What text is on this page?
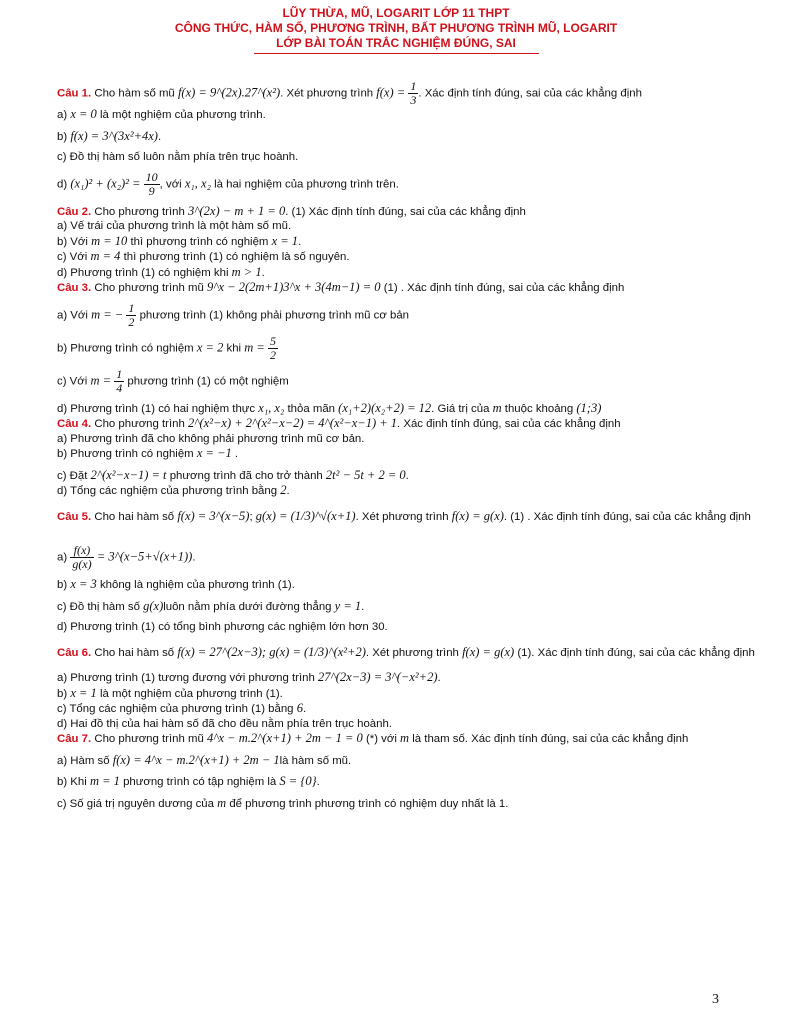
LŨY THỪA, MŨ, LOGARIT LỚP 11 THPT
CÔNG THỨC, HÀM SỐ, PHƯƠNG TRÌNH, BẤT PHƯƠNG TRÌNH MŨ, LOGARIT
LỚP BÀI TOÁN TRẮC NGHIỆM ĐÚNG, SAI

Câu 1. Cho hàm số mũ f(x) = 9^(2x).27^(x²). Xét phương trình $f(x) = \frac{1}{3}$ . Xác định tính đúng, sai của các khẳng định

a) x = 0 là một nghiệm của phương trình.

b) f(x) = 3^(3x²+4x).

c) Đồ thị hàm số luôn nằm phía trên trục hoành.

d) $(x_1)^2 + (x_2)^2 = \frac{10}{9}$ , với x₁, x₂ là hai nghiệm của phương trình trên.

Câu 2. Cho phương trình 3^(2x) − m + 1 = 0. (1) Xác định tính đúng, sai của các khẳng định

a) Vế trái của phương trình là một hàm số mũ.

b) Với m = 10 thì phương trình có nghiệm x = 1.

c) Với m = 4 thì phương trình (1) có nghiệm là số nguyên.

d) Phương trình (1) có nghiệm khi m > 1.

Câu 3. Cho phương trình mũ 9^x − 2(2m+1)3^x + 3(4m−1) = 0 (1) . Xác định tính đúng, sai của các khẳng định

a) Với m = − $\frac{1}{2}$ phương trình (1) không phải phương trình mũ cơ bản

b) Phương trình có nghiệm x = 2 khi $m = \frac{5}{2}$

c) Với $m = \frac{1}{4}$ phương trình (1) có một nghiệm

d) Phương trình (1) có hai nghiệm thực x₁, x₂ thỏa mãn (x₁+2)(x₂+2) = 12. Giá trị của m thuộc khoảng (1;3)

Câu 4. Cho phương trình 2^(x²−x) + 2^(x²−x−2) = 4^(x²−x−1) + 1. Xác định tính đúng, sai của các khẳng định

a) Phương trình đã cho không phải phương trình mũ cơ bản.

b) Phương trình có nghiệm x = −1 .

c) Đặt 2^(x²−x−1) = t phương trình đã cho trở thành 2t² − 5t + 2 = 0.

d) Tổng các nghiệm của phương trình bằng 2.

Câu 5. Cho hai hàm số f(x) = 3^(x−5); g(x) = (1/3)^√(x+1). Xét phương trình f(x) = g(x). (1) . Xác định tính đúng, sai của các khẳng định

$a) \frac{f(x)}{g(x)}$ = 3^(x−5+√(x+1)).

b) x = 3 không là nghiệm của phương trình (1).

c) Đồ thị hàm số g(x)luôn nằm phía dưới đường thẳng y = 1.

d) Phương trình (1) có tổng bình phương các nghiệm lớn hơn 30.

Câu 6. Cho hai hàm số f(x) = 27^(2x−3); g(x) = (1/3)^(x²+2). Xét phương trình f(x) = g(x) (1). Xác định tính đúng, sai của các khẳng định

a) Phương trình (1) tương đương với phương trình 27^(2x−3) = 3^(−x²+2).

b) x = 1 là một nghiệm của phương trình (1).

c) Tổng các nghiệm của phương trình (1) bằng 6.

d) Hai đồ thị của hai hàm số đã cho đều nằm phía trên trục hoành.

Câu 7. Cho phương trình mũ 4^x − m.2^(x+1) + 2m − 1 = 0 (*) với m là tham số. Xác định tính đúng, sai của các khẳng định

a) Hàm số f(x) = 4^x − m.2^(x+1) + 2m − 1là hàm số mũ.

b) Khi m = 1 phương trình có tập nghiệm là S = {0}.

c) Số giá trị nguyên dương của m để phương trình phương trình có nghiệm duy nhất là 1.

3
